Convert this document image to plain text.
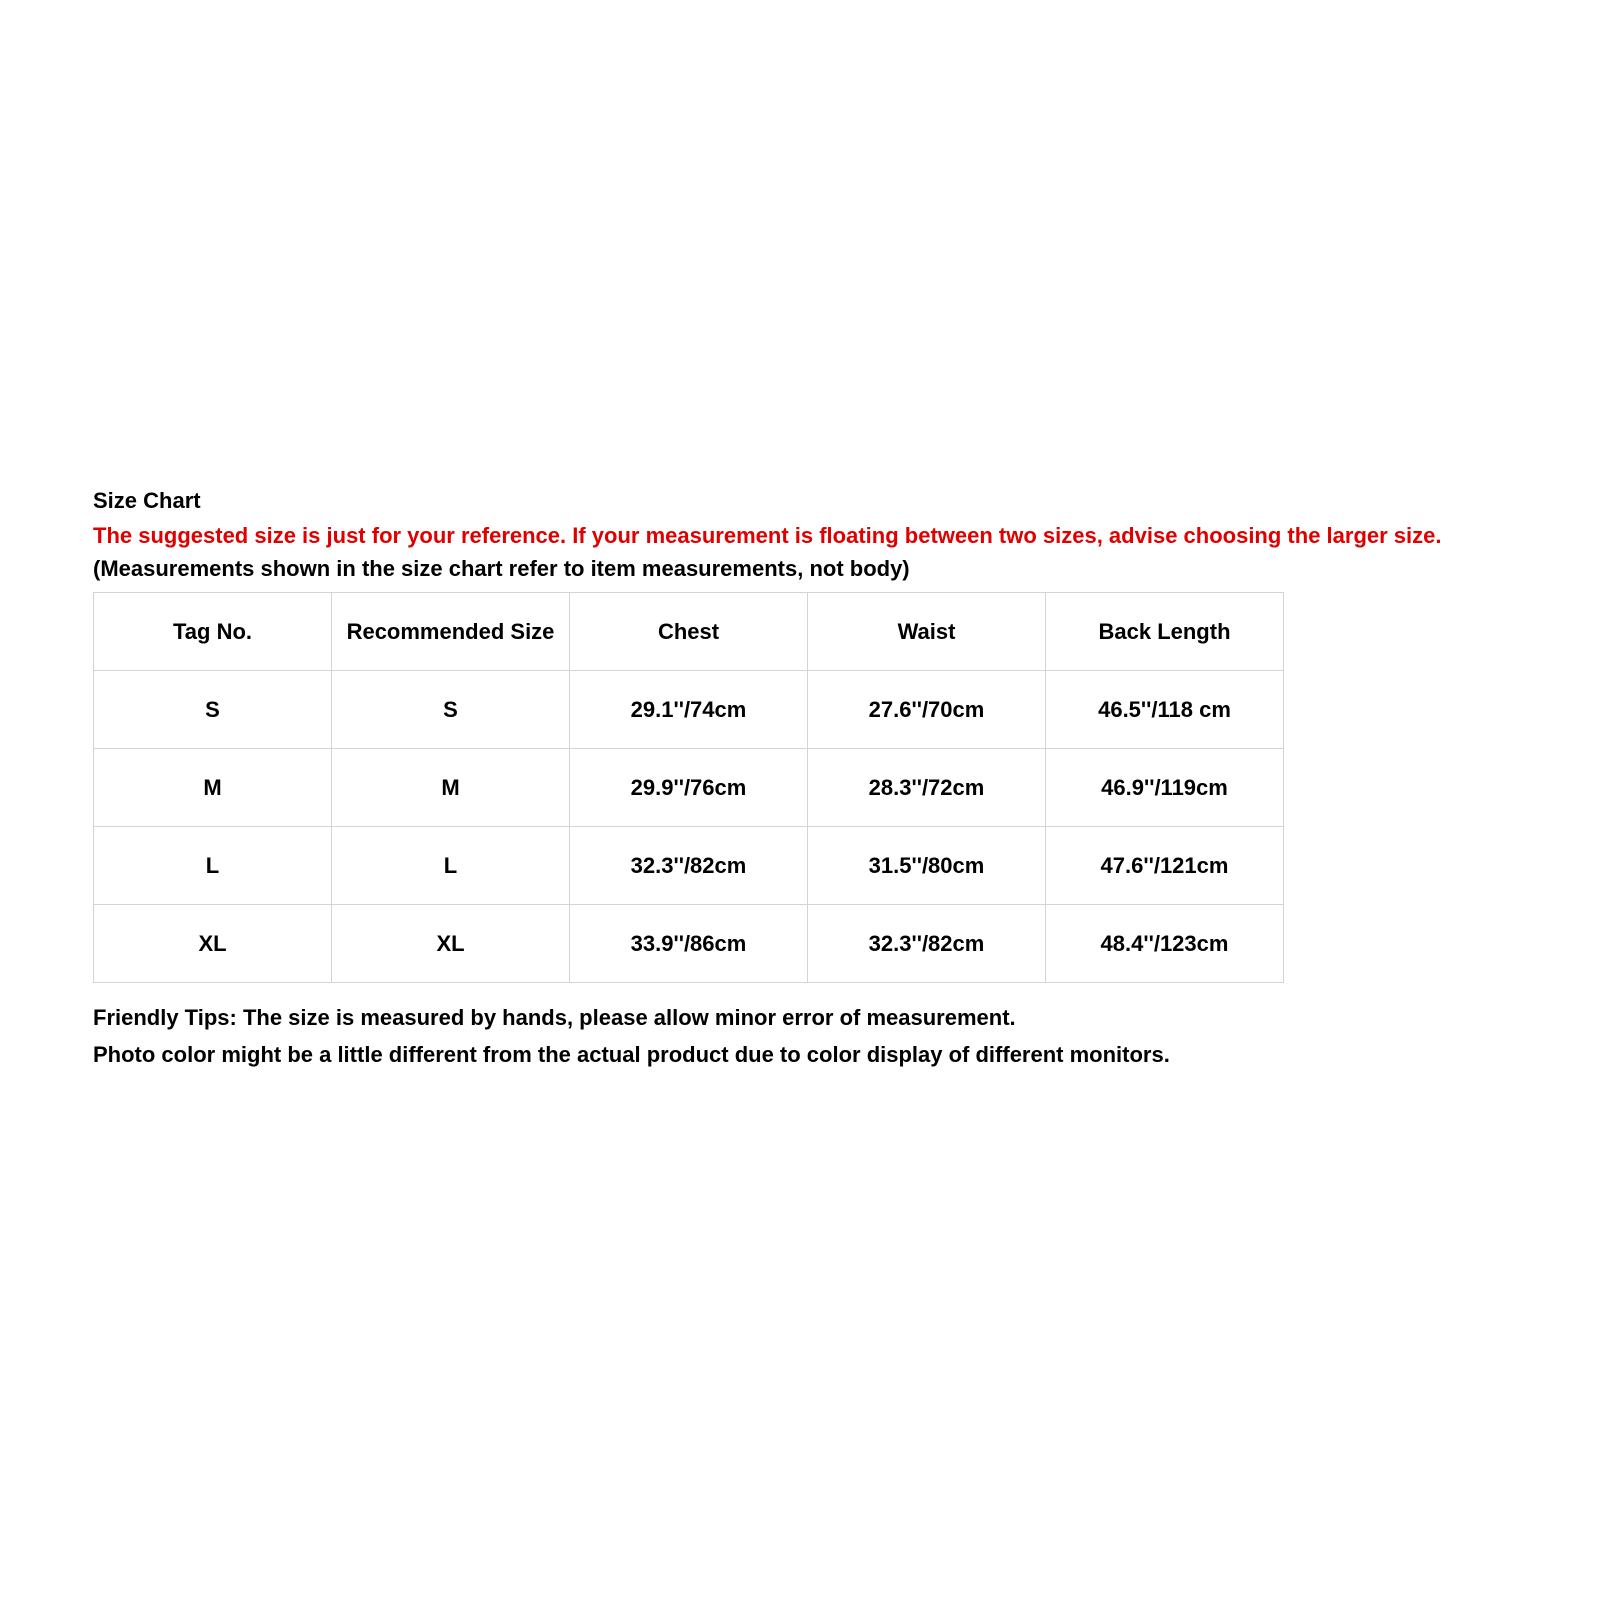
Size Chart
The suggested size is just for your reference. If your measurement is floating between two sizes, advise choosing the larger size.
(Measurements shown in the size chart refer to item measurements, not body)
Tag No.	Recommended Size	Chest	Waist	Back Length
S	S	29.1''/74cm	27.6''/70cm	46.5''/118 cm
M	M	29.9''/76cm	28.3''/72cm	46.9''/119cm
L	L	32.3''/82cm	31.5''/80cm	47.6''/121cm
XL	XL	33.9''/86cm	32.3''/82cm	48.4''/123cm

Friendly Tips: The size is measured by hands, please allow minor error of measurement.

Photo color might be a little different from the actual product due to color display of different monitors.
